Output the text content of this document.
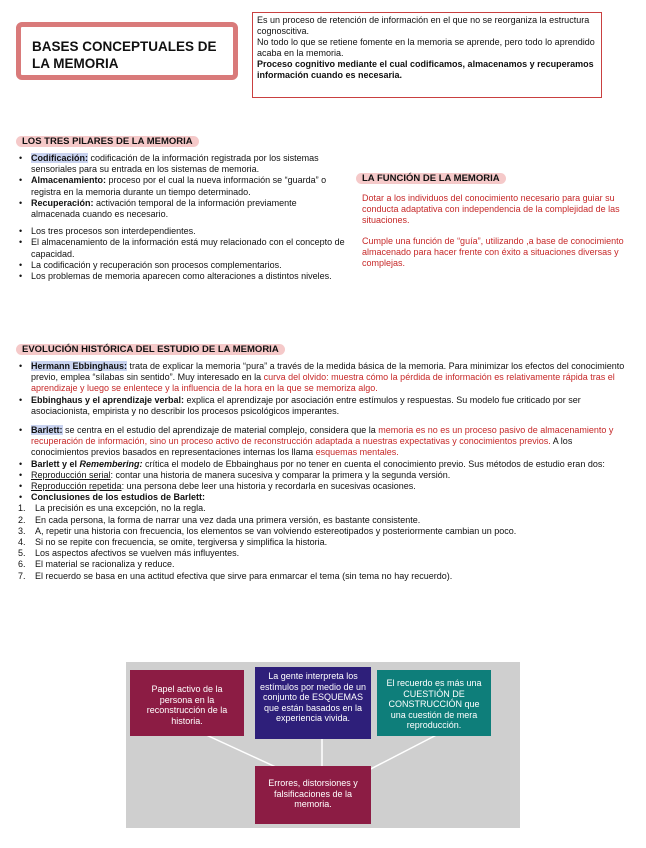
BASES CONCEPTUALES DE LA MEMORIA
Es un proceso de retención de información en el que no se reorganiza la estructura cognoscitiva.
No todo lo que se retiene fomente en la memoria se aprende, pero todo lo aprendido acaba en la memoria.
Proceso cognitivo mediante el cual codificamos, almacenamos y recuperamos información cuando es necesaria.
LOS TRES PILARES DE LA MEMORIA
• Codificación: codificación de la información registrada por los sistemas sensoriales para su entrada en los sistemas de memoria.
• Almacenamiento: proceso por el cual la nueva información se “guarda” o registra en la memoria durante un tiempo determinado.
• Recuperación: activación temporal de la información previamente almacenada cuando es necesario.
• Los tres procesos son interdependientes.
• El almacenamiento de la información está muy relacionado con el concepto de capacidad.
• La codificación y recuperación son procesos complementarios.
• Los problemas de memoria aparecen como alteraciones a distintos niveles.
LA FUNCIÓN DE LA MEMORIA
Dotar a los individuos del conocimiento necesario para guiar su conducta adaptativa con independencia de la complejidad de las situaciones.
Cumple una función de “guía”, utilizando ,a base de conocimiento almacenado para hacer frente con éxito a situaciones diversas y complejas.
EVOLUCIÓN HISTÓRICA DEL ESTUDIO DE LA MEMORIA
• Hermann Ebbinghaus: trata de explicar la memoria “pura” a través de la medida básica de la memoria. Para minimizar los efectos del conocimiento previo, emplea “sílabas sin sentido”. Muy interesado en la curva del olvido: muestra cómo la pérdida de información es relativamente rápida tras el aprendizaje y luego se enlentece y la influencia de la hora en la que se memoriza algo.
• Ebbinghaus y el aprendizaje verbal: explica el aprendizaje por asociación entre estímulos y respuestas. Su modelo fue criticado por ser asociacionista, empirista y no describir los procesos psicológicos imperantes.
• Barlett: se centra en el estudio del aprendizaje de material complejo, considera que la memoria es no es un proceso pasivo de almacenamiento y recuperación de información, sino un proceso activo de reconstrucción adaptada a nuestras expectativas y conocimientos previos. A los conocimientos previos basados en representaciones internas los llama esquemas mentales.
• Barlett y el Remembering: crítica el modelo de Ebbainghaus por no tener en cuenta el conocimiento previo. Sus métodos de estudio eran dos:
• Reproducción serial: contar una historia de manera sucesiva y comparar la primera y la segunda versión.
• Reproducción repetida: una persona debe leer una historia y recordarla en sucesivas ocasiones.
• Conclusiones de los estudios de Barlett:
1.	La precisión es una excepción, no la regla.
2.	En cada persona, la forma de narrar una vez dada una primera versión, es bastante consistente.
3.	A, repetir una historia con frecuencia, los elementos se van volviendo estereotipados y posteriormente cambian un poco.
4.	Si no se repite con frecuencia, se omite, tergiversa y simplifica la historia.
5.	Los aspectos afectivos se vuelven más influyentes.
6.	El material se racionaliza y reduce.
7.	El recuerdo se basa en una actitud efectiva que sirve para enmarcar el tema (sin tema no hay recuerdo).
Papel activo de la persona en la reconstrucción de la historia.
La gente interpreta los estímulos por medio de un conjunto de ESQUEMAS que están basados en la experiencia vivida.
El recuerdo es más una CUESTIÓN DE CONSTRUCCIÓN que una cuestión de mera reproducción.
Errores, distorsiones y falsificaciones de la memoria.
